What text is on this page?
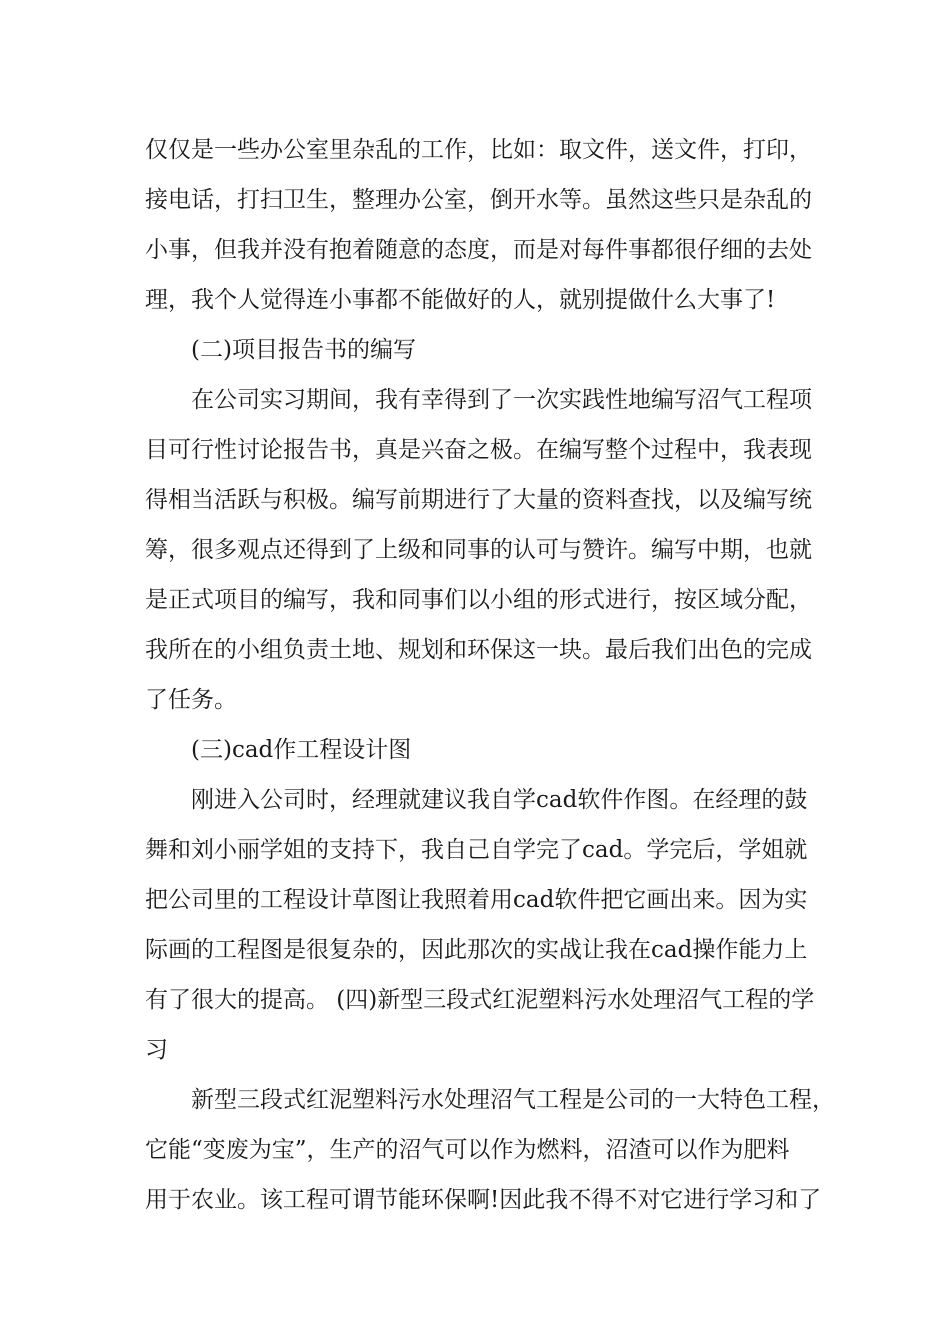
仅仅是一些办公室里杂乱的工作，比如：取文件，送文件，打印，
接电话，打扫卫生，整理办公室，倒开水等。虽然这些只是杂乱的
小事，但我并没有抱着随意的态度，而是对每件事都很仔细的去处
理，我个人觉得连小事都不能做好的人，就别提做什么大事了!
(二)项目报告书的编写
在公司实习期间，我有幸得到了一次实践性地编写沼气工程项
目可行性讨论报告书，真是兴奋之极。在编写整个过程中，我表现
得相当活跃与积极。编写前期进行了大量的资料查找，以及编写统
筹，很多观点还得到了上级和同事的认可与赞许。编写中期，也就
是正式项目的编写，我和同事们以小组的形式进行，按区域分配，
我所在的小组负责土地、规划和环保这一块。最后我们出色的完成
了任务。
(三)cad作工程设计图
刚进入公司时，经理就建议我自学cad软件作图。在经理的鼓
舞和刘小丽学姐的支持下，我自己自学完了cad。学完后，学姐就
把公司里的工程设计草图让我照着用cad软件把它画出来。因为实
际画的工程图是很复杂的，因此那次的实战让我在cad操作能力上
有了很大的提高。 (四)新型三段式红泥塑料污水处理沼气工程的学
习
新型三段式红泥塑料污水处理沼气工程是公司的一大特色工程，
它能“变废为宝”，生产的沼气可以作为燃料，沼渣可以作为肥料
用于农业。该工程可谓节能环保啊!因此我不得不对它进行学习和了
